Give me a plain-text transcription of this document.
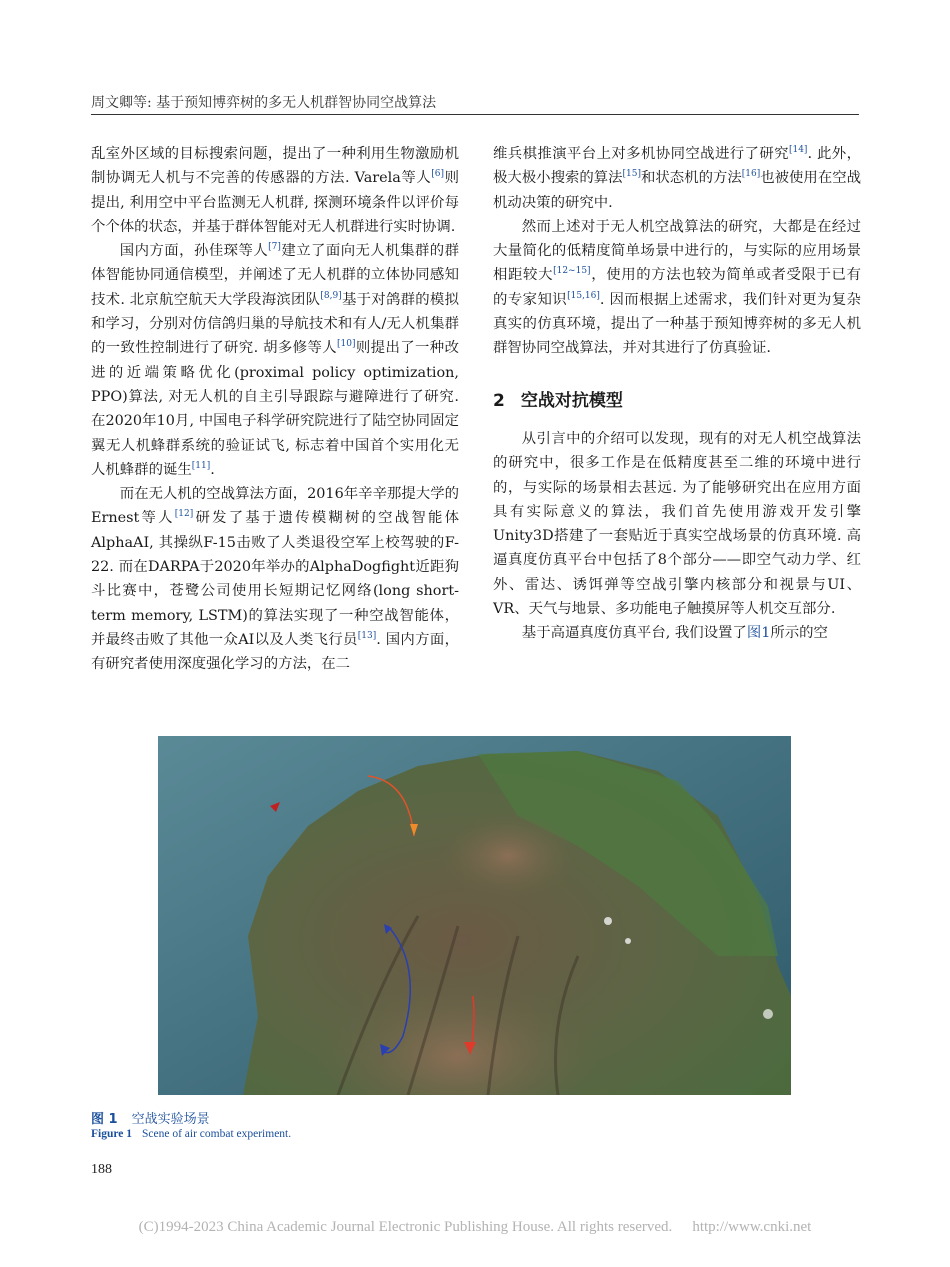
周文卿等: 基于预知博弈树的多无人机群智协同空战算法

乱室外区域的目标搜索问题，提出了一种利用生物激励机制协调无人机与不完善的传感器的方法. Varela等人[6]则提出, 利用空中平台监测无人机群, 探测环境条件以评价每个个体的状态，并基于群体智能对无人机群进行实时协调.

国内方面，孙佳琛等人[7]建立了面向无人机集群的群体智能协同通信模型，并阐述了无人机群的立体协同感知技术. 北京航空航天大学段海滨团队[8,9]基于对鸽群的模拟和学习，分别对仿信鸽归巢的导航技术和有人/无人机集群的一致性控制进行了研究. 胡多修等人[10]则提出了一种改进的近端策略优化(proximal policy optimization, PPO)算法, 对无人机的自主引导跟踪与避障进行了研究. 在2020年10月, 中国电子科学研究院进行了陆空协同固定翼无人机蜂群系统的验证试飞, 标志着中国首个实用化无人机蜂群的诞生[11].

而在无人机的空战算法方面，2016年辛辛那提大学的Ernest等人[12]研发了基于遗传模糊树的空战智能体AlphaAI, 其操纵F-15击败了人类退役空军上校驾驶的F-22. 而在DARPA于2020年举办的AlphaDogfight近距狗斗比赛中，苍鹭公司使用长短期记忆网络(long short-term memory, LSTM)的算法实现了一种空战智能体，并最终击败了其他一众AI以及人类飞行员[13]. 国内方面，有研究者使用深度强化学习的方法，在二

维兵棋推演平台上对多机协同空战进行了研究[14]. 此外，极大极小搜索的算法[15]和状态机的方法[16]也被使用在空战机动决策的研究中.

然而上述对于无人机空战算法的研究，大都是在经过大量简化的低精度简单场景中进行的，与实际的应用场景相距较大[12~15]，使用的方法也较为简单或者受限于已有的专家知识[15,16]. 因而根据上述需求，我们针对更为复杂真实的仿真环境，提出了一种基于预知博弈树的多无人机群智协同空战算法，并对其进行了仿真验证.

2 空战对抗模型

从引言中的介绍可以发现，现有的对无人机空战算法的研究中，很多工作是在低精度甚至二维的环境中进行的，与实际的场景相去甚远. 为了能够研究出在应用方面具有实际意义的算法，我们首先使用游戏开发引擎Unity3D搭建了一套贴近于真实空战场景的仿真环境. 高逼真度仿真平台中包括了8个部分——即空气动力学、红外、雷达、诱饵弹等空战引擎内核部分和视景与UI、VR、天气与地景、多功能电子触摸屏等人机交互部分.

基于高逼真度仿真平台, 我们设置了图1所示的空

图 1 空战实验场景
Figure 1 Scene of air combat experiment.
188
(C)1994-2023 China Academic Journal Electronic Publishing House. All rights reserved. http://www.cnki.net
